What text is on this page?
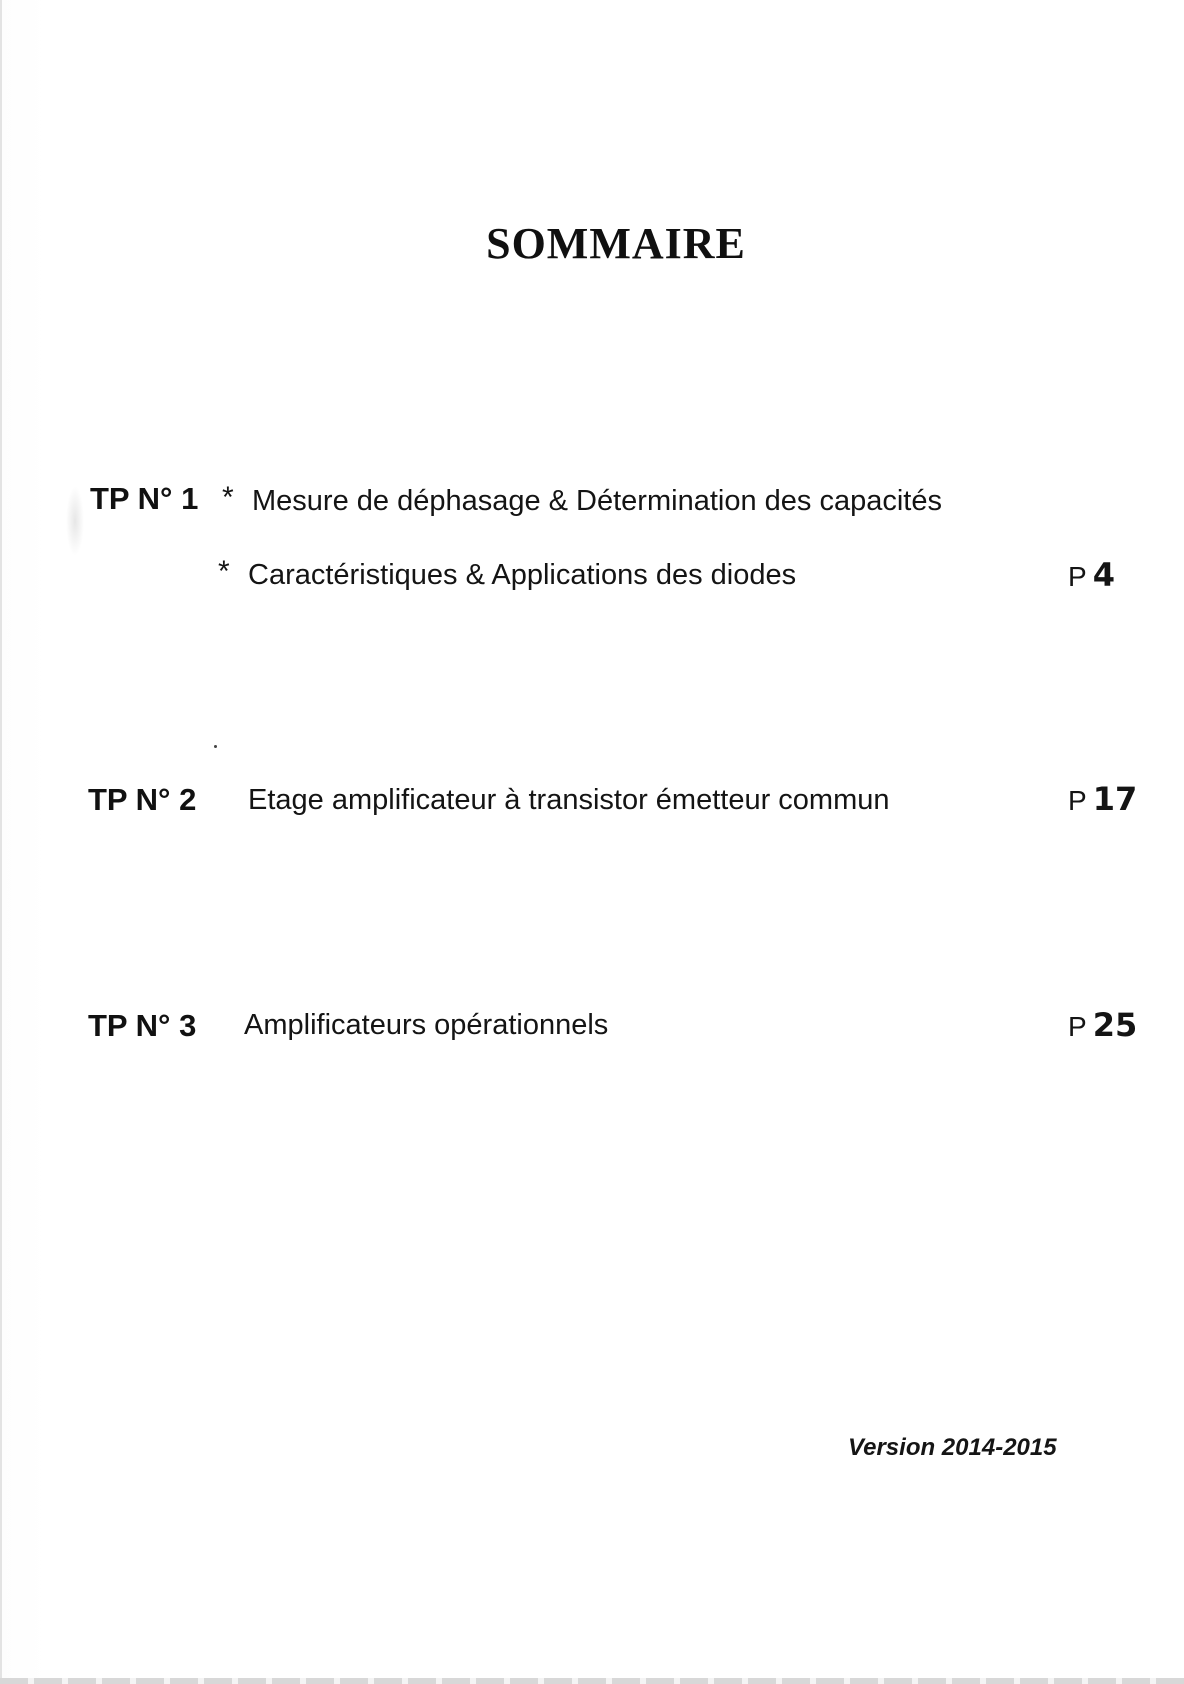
SOMMAIRE
TP N° 1 * Mesure de déphasage & Détermination des capacités
* Caractéristiques & Applications des diodes	P 4
TP N° 2 Etage amplificateur à transistor émetteur commun	P 17
TP N° 3 Amplificateurs opérationnels	P 25
Version 2014-2015
